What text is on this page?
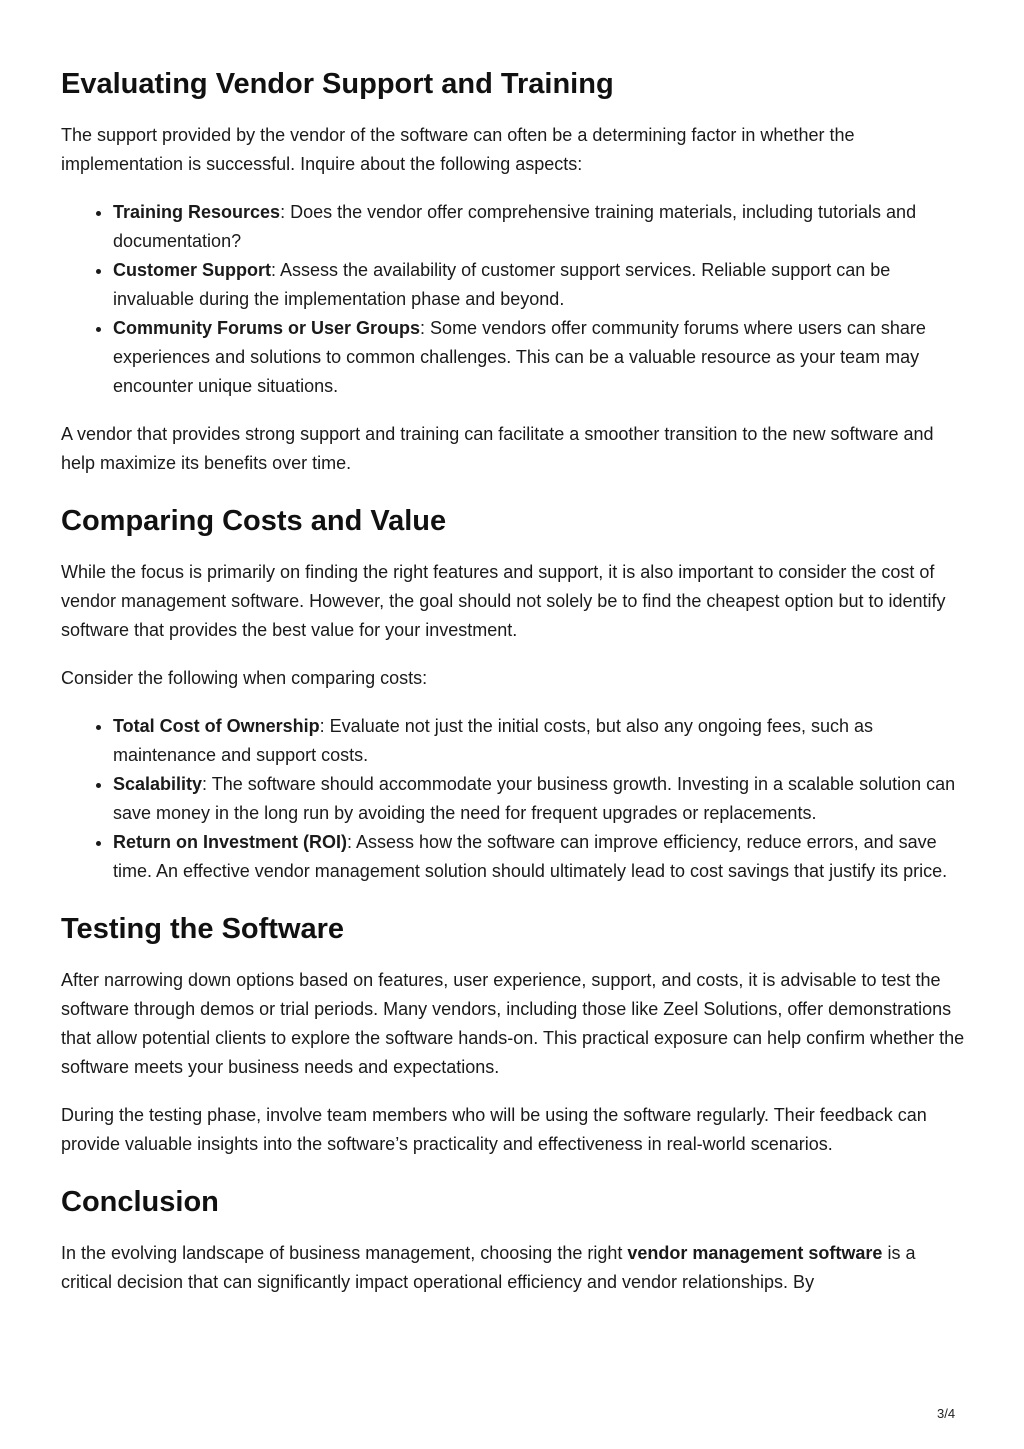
Evaluating Vendor Support and Training

The support provided by the vendor of the software can often be a determining factor in whether the implementation is successful. Inquire about the following aspects:

• Training Resources: Does the vendor offer comprehensive training materials, including tutorials and documentation?
• Customer Support: Assess the availability of customer support services. Reliable support can be invaluable during the implementation phase and beyond.
• Community Forums or User Groups: Some vendors offer community forums where users can share experiences and solutions to common challenges. This can be a valuable resource as your team may encounter unique situations.

A vendor that provides strong support and training can facilitate a smoother transition to the new software and help maximize its benefits over time.

Comparing Costs and Value

While the focus is primarily on finding the right features and support, it is also important to consider the cost of vendor management software. However, the goal should not solely be to find the cheapest option but to identify software that provides the best value for your investment.

Consider the following when comparing costs:

• Total Cost of Ownership: Evaluate not just the initial costs, but also any ongoing fees, such as maintenance and support costs.
• Scalability: The software should accommodate your business growth. Investing in a scalable solution can save money in the long run by avoiding the need for frequent upgrades or replacements.
• Return on Investment (ROI): Assess how the software can improve efficiency, reduce errors, and save time. An effective vendor management solution should ultimately lead to cost savings that justify its price.
Testing the Software

After narrowing down options based on features, user experience, support, and costs, it is advisable to test the software through demos or trial periods. Many vendors, including those like Zeel Solutions, offer demonstrations that allow potential clients to explore the software hands-on. This practical exposure can help confirm whether the software meets your business needs and expectations.

During the testing phase, involve team members who will be using the software regularly. Their feedback can provide valuable insights into the software’s practicality and effectiveness in real-world scenarios.

Conclusion

In the evolving landscape of business management, choosing the right vendor management software is a critical decision that can significantly impact operational efficiency and vendor relationships. By

3/4
